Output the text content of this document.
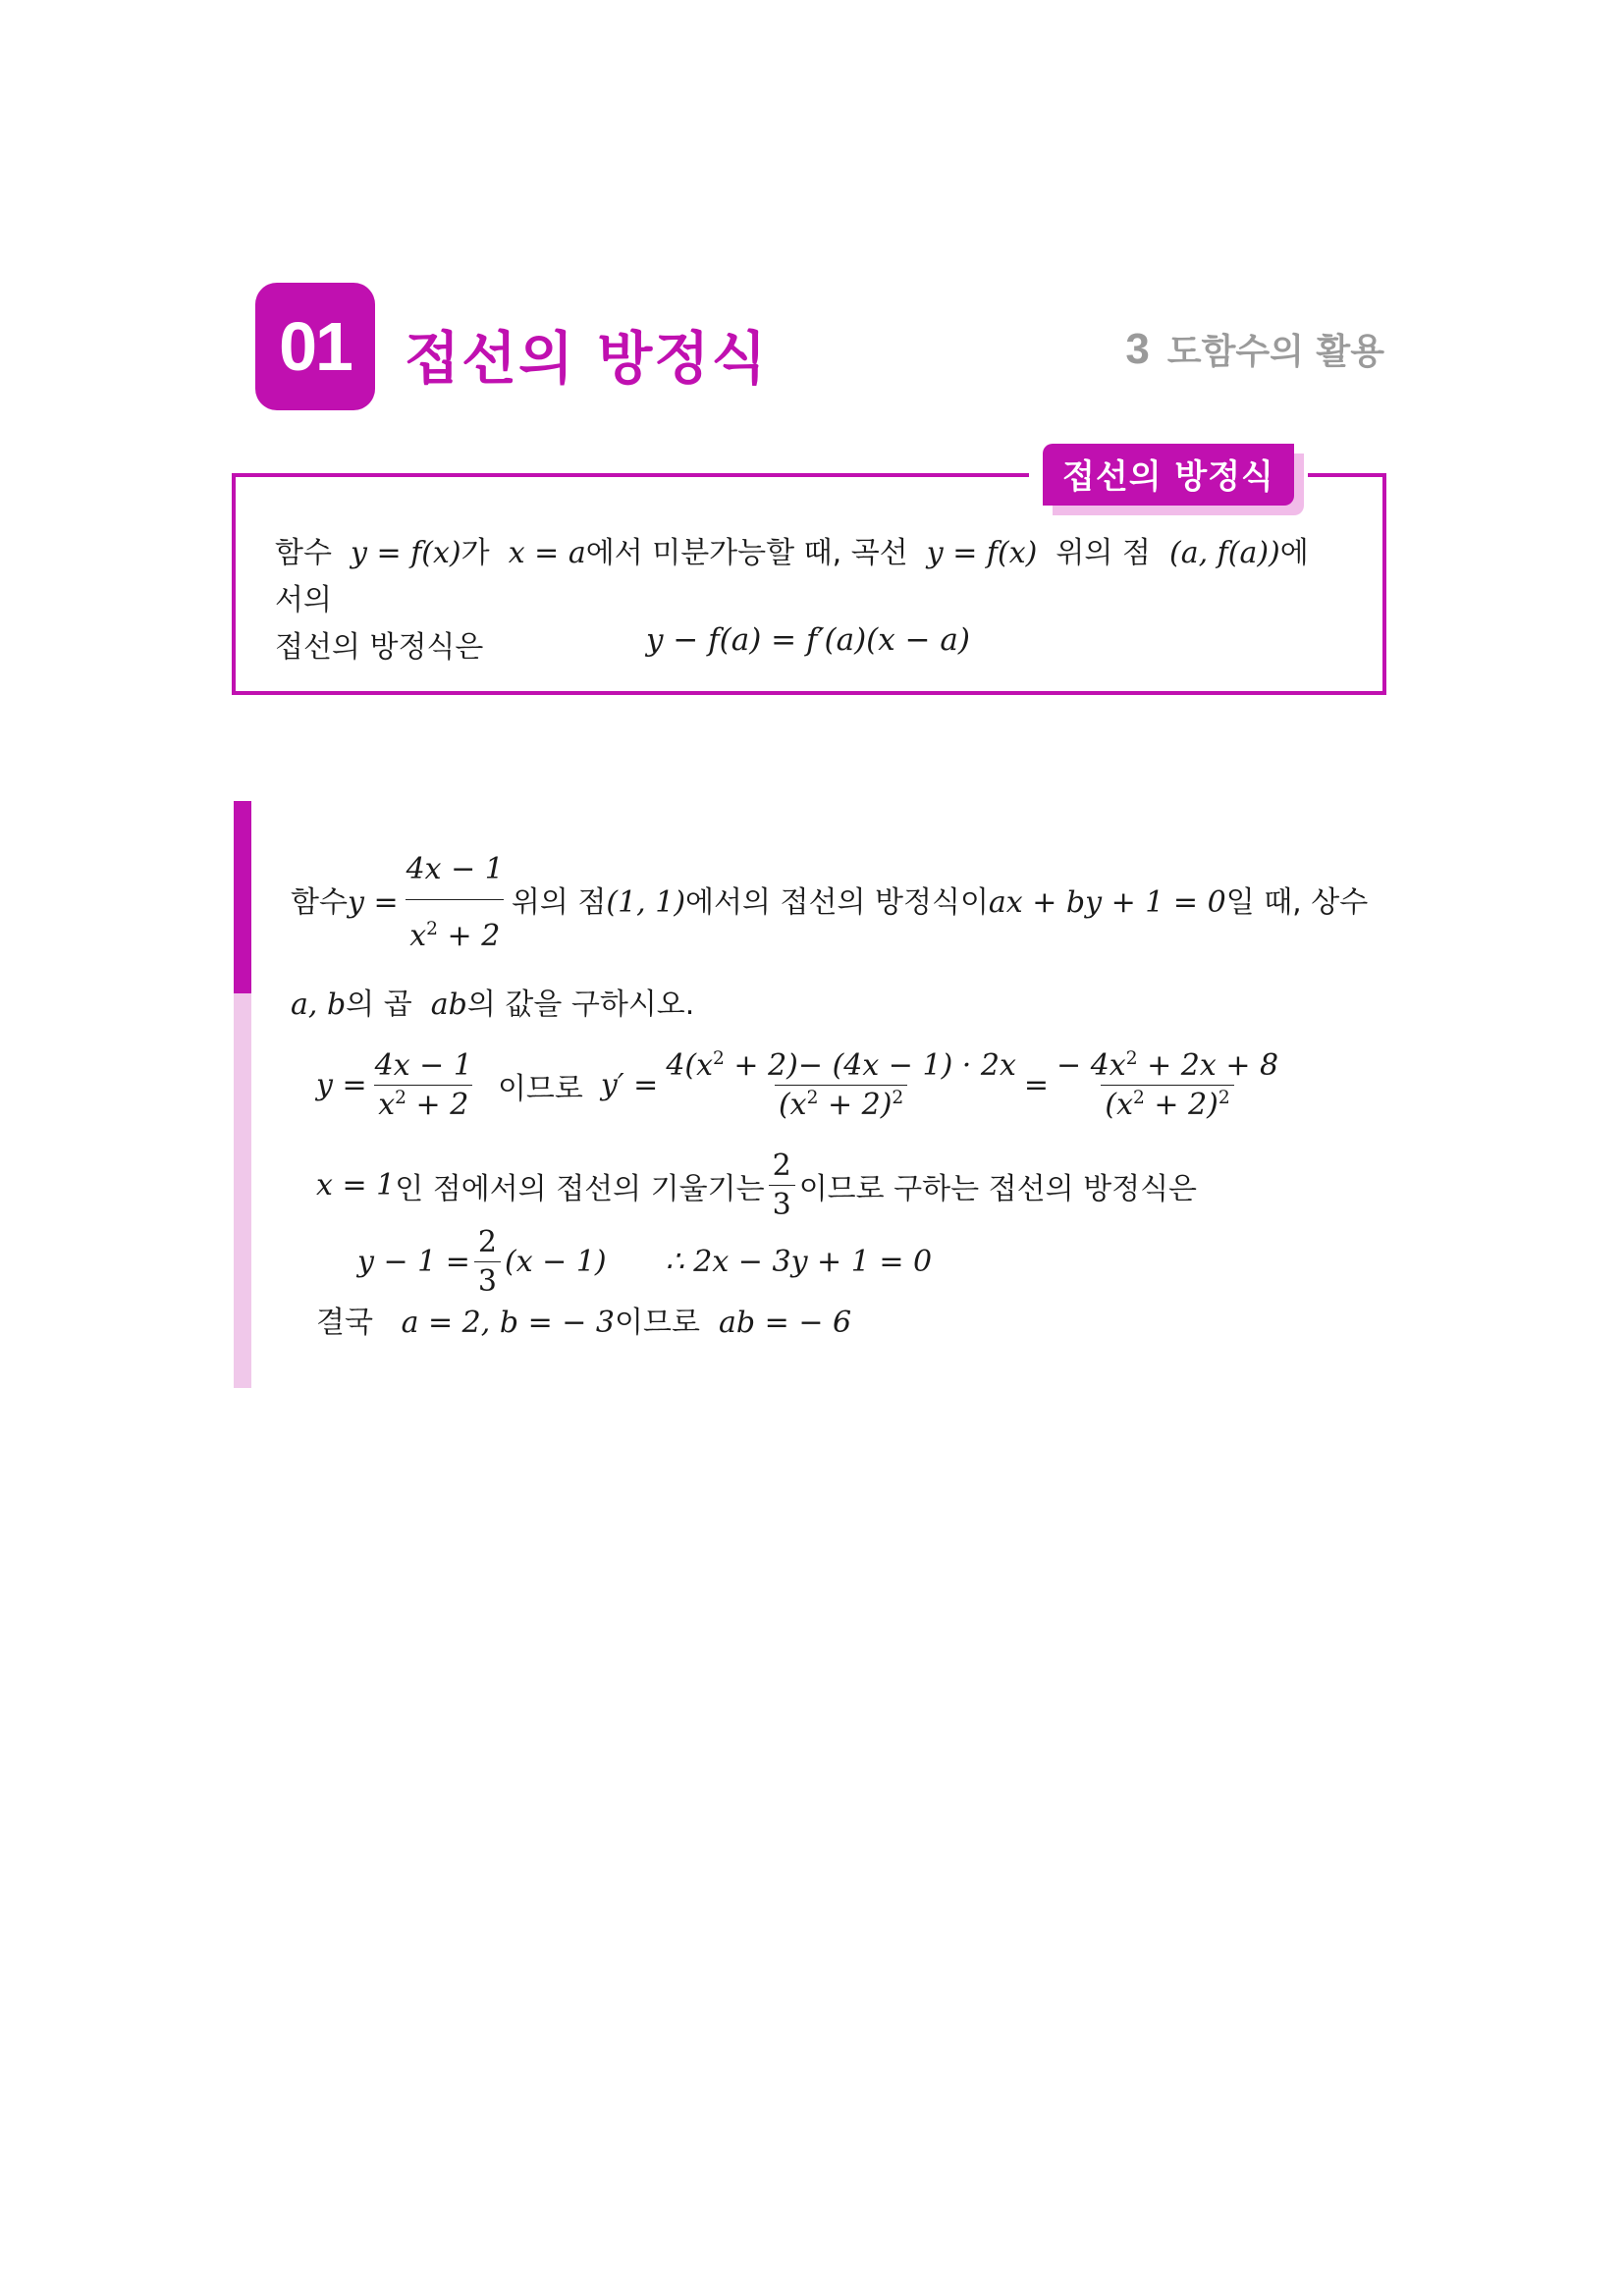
01 접선의 방정식	3 도함수의 활용
접선의 방정식
함수 y = f(x)가 x = a에서 미분가능할 때, 곡선 y = f(x) 위의 점 (a, f(a))에서의
접선의 방정식은	y − f(a) = f′(a)(x − a)
함수 $y = \frac{4x - 1}{x^2 + 2}$ 위의 점 (1, 1) 에서의 접선의 방정식이 ax + by + 1 = 0 일 때, 상수
a, b의 곱 ab의 값을 구하시오.
$y = \frac{4x - 1}{x^2 + 2}$ 이므로 $y' = \frac{4(x^2 + 2)- (4x - 1) \cdot 2x}{(x^2 + 2)^2} = \frac{- 4x^2 + 2x + 8}{(x^2 + 2)^2}$
x = 1 인 점에서의 접선의 기울기는 $\frac{2}{3}$ 이므로 구하는 접선의 방정식은
$y - 1 = \frac{2}{3} (x - 1)$ ∴ 2x − 3y + 1 = 0
결국 a = 2, b = − 3이므로 ab = − 6
